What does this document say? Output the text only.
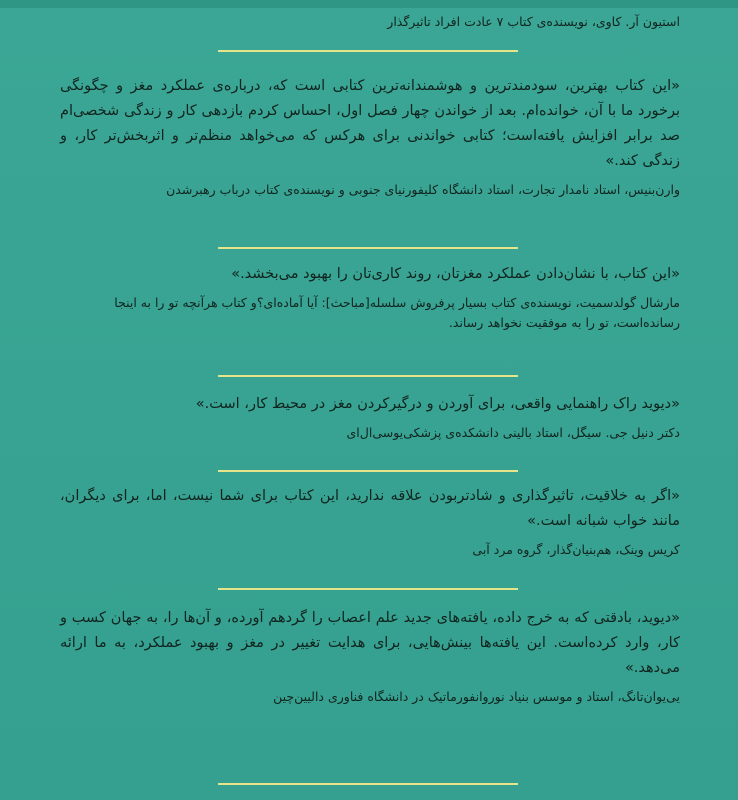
استیون آر. کاوی، نویسنده‌ی کتاب ۷ عادت افراد تاثیرگذار

«این کتاب بهترین، سودمندترین و هوشمندانه‌ترین کتابی است که، درباره‌ی عملکرد مغز و چگونگی برخورد ما با آن، خوانده‌ام. بعد از خواندن چهار فصل اول، احساس کردم بازدهی کار و زندگی شخصی‌ام صد برابر افزایش یافته‌است؛ کتابی خواندنی برای هرکس که می‌خواهد منظم‌تر و اثربخش‌تر کار، و زندگی کند.»

وارن‌بنیس، استاد نامدار تجارت، استاد دانشگاه کلیفورنیای جنوبی و نویسنده‌ی کتاب درباب رهبرشدن

«این کتاب، با نشان‌دادن عملکرد مغزتان، روند کاری‌تان را بهبود می‌بخشد.»

مارشال گولدسمیت، نویسنده‌ی کتاب بسیار پرفروش سلسله[مباحث]: آیا آماده‌ای؟و کتاب هرآنچه تو را به اینجا رسانده‌است، تو را به موفقیت نخواهد رساند.

«دیوید راک راهنمایی واقعی، برای آوردن و درگیرکردن مغز در محیط کار، است.»

دکتر دنیل جی. سیگل، استاد بالینی دانشکده‌ی پزشکی‌یوسی‌ال‌ای

«اگر به خلاقیت، تاثیرگذاری و شادتربودن علاقه ندارید، این کتاب برای شما نیست، اما، برای دیگران، مانند خواب شبانه است.»

کریس وینک، هم‌بنیان‌گذار، گروه مرد آبی

«دیوید، بادقتی که به خرج داده، یافته‌های جدید علم اعصاب را گردهم آورده، و آن‌ها را، به جهان کسب و کار، وارد کرده‌است. این یافته‌ها بینش‌هایی، برای هدایت تغییر در مغز و بهبود عملکرد، به ما ارائه می‌دهد.»

یی‌یوان‌تانگ، استاد و موسس بنیاد نوروانفورماتیک در دانشگاه فناوری دالیین‌چین
